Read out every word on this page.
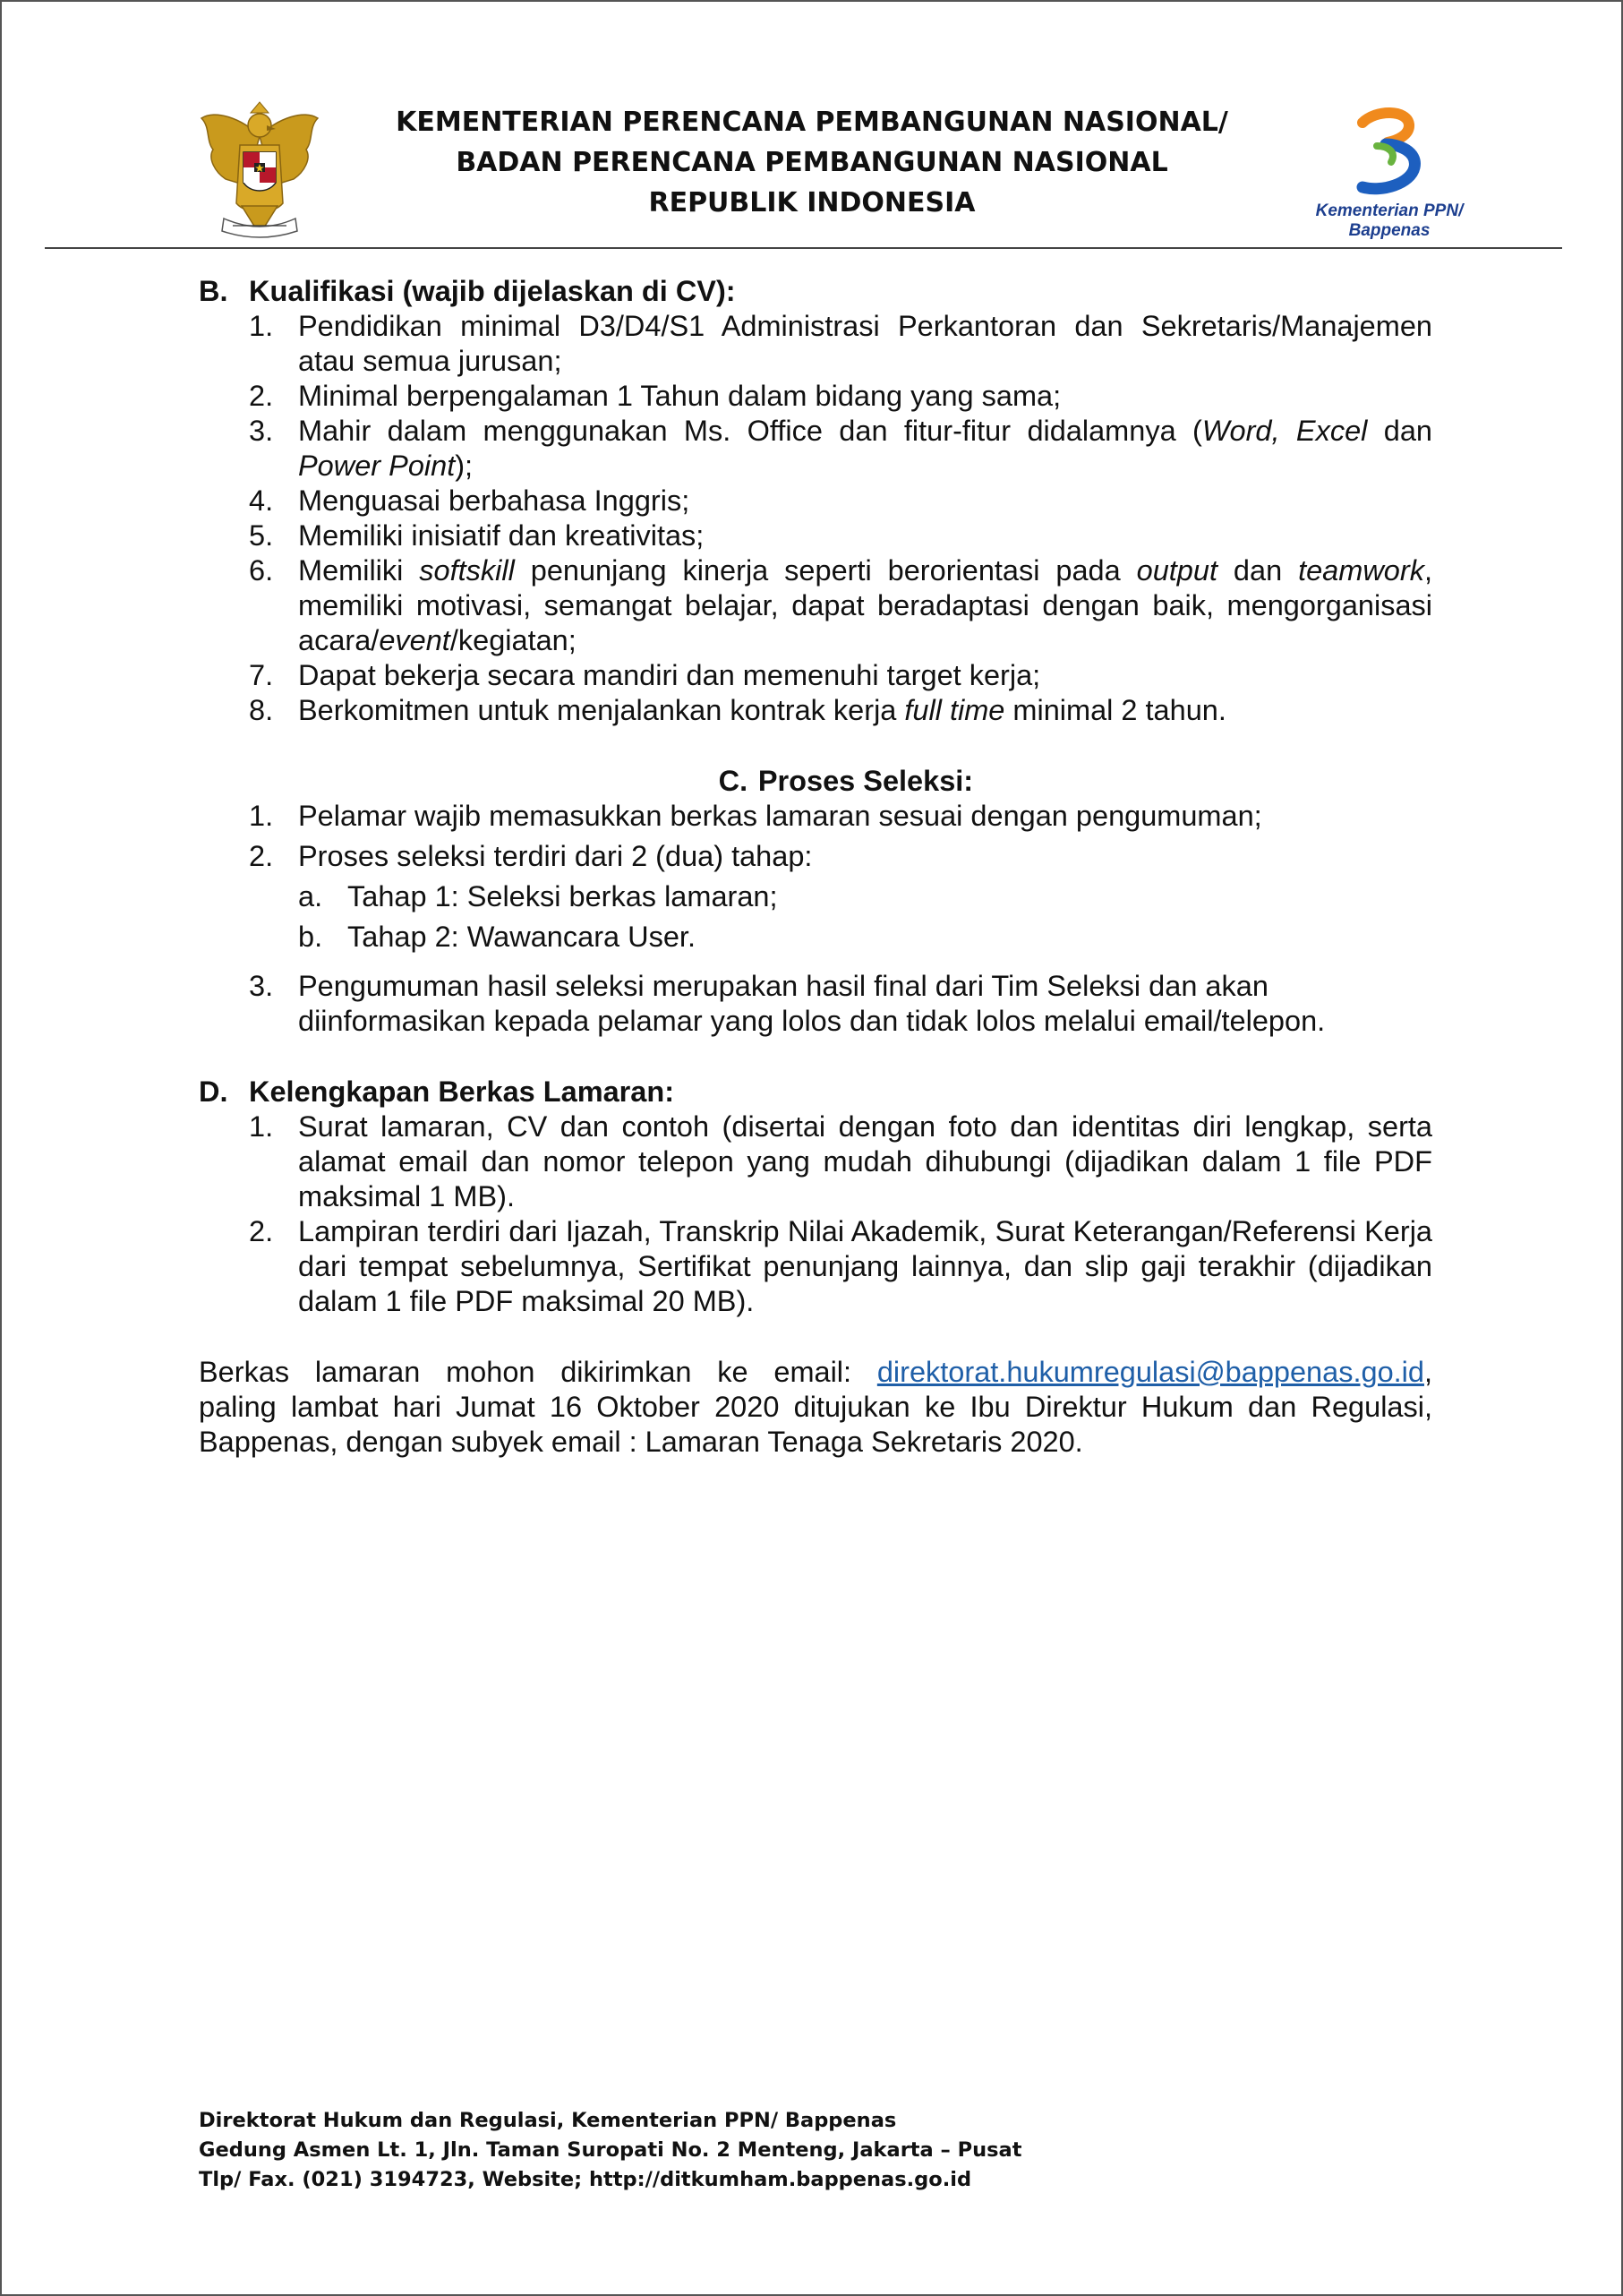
KEMENTERIAN PERENCANA PEMBANGUNAN NASIONAL/
BADAN PERENCANA PEMBANGUNAN NASIONAL
REPUBLIK INDONESIA	Kementerian PPN/
Bappenas
B. Kualifikasi (wajib dijelaskan di CV):
1. Pendidikan minimal D3/D4/S1 Administrasi Perkantoran dan Sekretaris/Manajemen atau semua jurusan;
2. Minimal berpengalaman 1 Tahun dalam bidang yang sama;
3. Mahir dalam menggunakan Ms. Office dan fitur-fitur didalamnya (Word, Excel dan Power Point);
4. Menguasai berbahasa Inggris;
5. Memiliki inisiatif dan kreativitas;
6. Memiliki softskill penunjang kinerja seperti berorientasi pada output dan teamwork, memiliki motivasi, semangat belajar, dapat beradaptasi dengan baik, mengorganisasi acara/event/kegiatan;
7. Dapat bekerja secara mandiri dan memenuhi target kerja;
8. Berkomitmen untuk menjalankan kontrak kerja full time minimal 2 tahun.
C. Proses Seleksi:
1. Pelamar wajib memasukkan berkas lamaran sesuai dengan pengumuman;
2. Proses seleksi terdiri dari 2 (dua) tahap:
a. Tahap 1: Seleksi berkas lamaran;
b. Tahap 2: Wawancara User.
3. Pengumuman hasil seleksi merupakan hasil final dari Tim Seleksi dan akan diinformasikan kepada pelamar yang lolos dan tidak lolos melalui email/telepon.
D. Kelengkapan Berkas Lamaran:
1. Surat lamaran, CV dan contoh (disertai dengan foto dan identitas diri lengkap, serta alamat email dan nomor telepon yang mudah dihubungi (dijadikan dalam 1 file PDF maksimal 1 MB).
2. Lampiran terdiri dari Ijazah, Transkrip Nilai Akademik, Surat Keterangan/Referensi Kerja dari tempat sebelumnya, Sertifikat penunjang lainnya, dan slip gaji terakhir (dijadikan dalam 1 file PDF maksimal 20 MB).
Berkas lamaran mohon dikirimkan ke email: direktorat.hukumregulasi@bappenas.go.id,
paling lambat hari Jumat 16 Oktober 2020 ditujukan ke Ibu Direktur Hukum dan Regulasi,
Bappenas, dengan subyek email : Lamaran Tenaga Sekretaris 2020.
Direktorat Hukum dan Regulasi, Kementerian PPN/ Bappenas
Gedung Asmen Lt. 1, Jln. Taman Suropati No. 2 Menteng, Jakarta – Pusat
Tlp/ Fax. (021) 3194723, Website; http://ditkumham.bappenas.go.id
